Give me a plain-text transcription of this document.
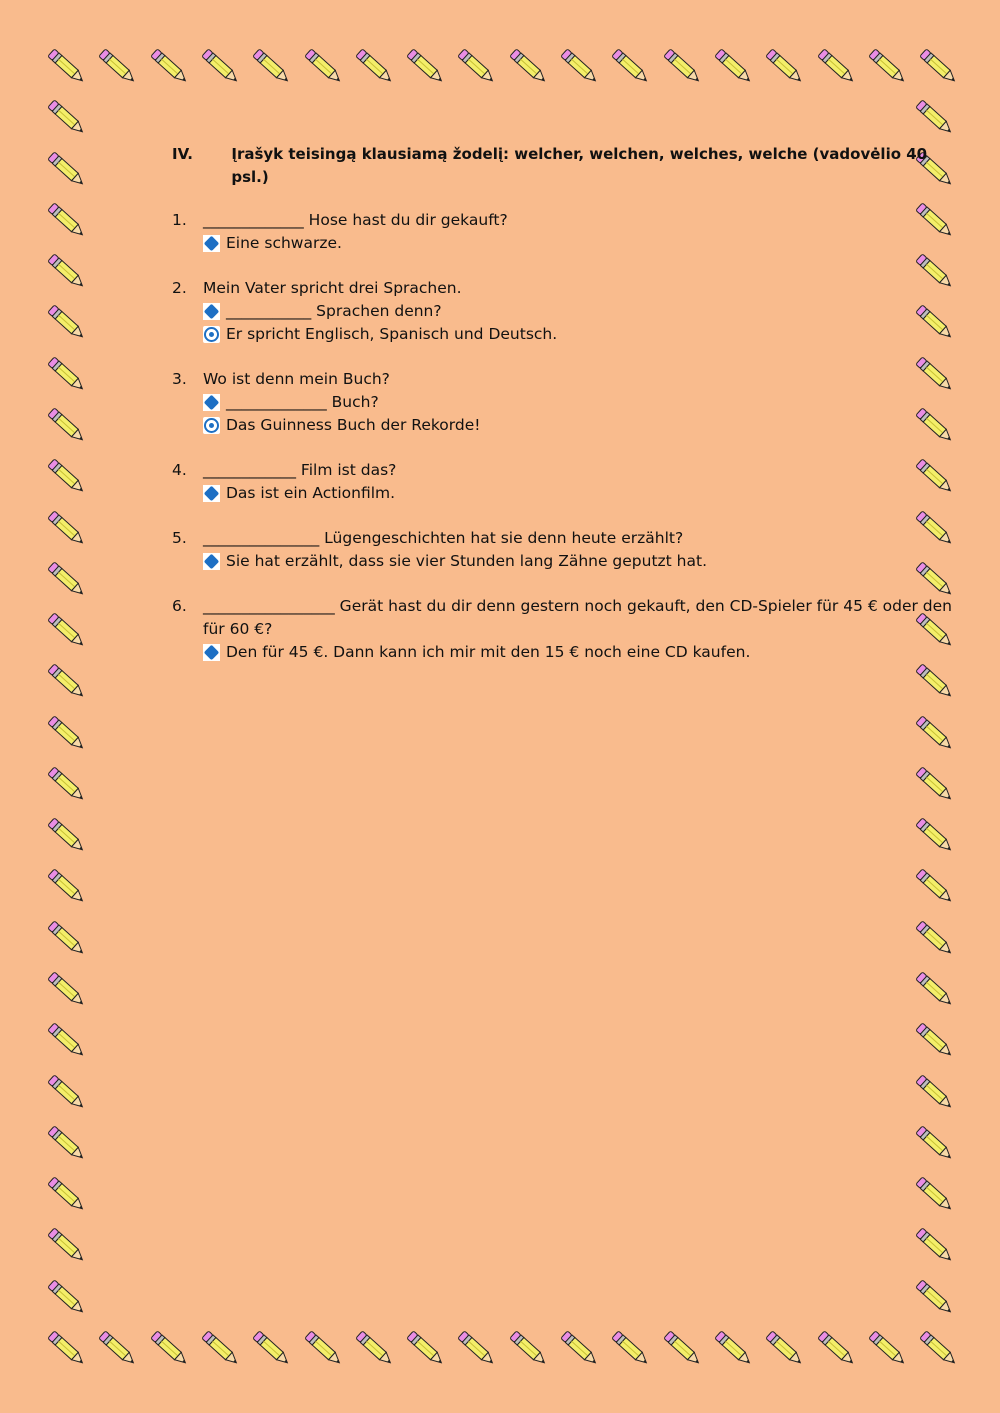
IV.	Įrašyk teisingą klausiamą žodelį: welcher, welchen, welches, welche (vadovėlio 40 psl.)
1.	_____________ Hose hast du dir gekauft?
Eine schwarze.
2.	Mein Vater spricht drei Sprachen.
___________ Sprachen denn?
Er spricht Englisch, Spanisch und Deutsch.
3.	Wo ist denn mein Buch?
_____________ Buch?
Das Guinness Buch der Rekorde!
4.	____________ Film ist das?
Das ist ein Actionfilm.
5.	_______________ Lügengeschichten hat sie denn heute erzählt?
Sie hat erzählt, dass sie vier Stunden lang Zähne geputzt hat.
6.	_________________ Gerät hast du dir denn gestern noch gekauft, den CD-Spieler für 45 € oder den für 60 €?
Den für 45 €. Dann kann ich mir mit den 15 € noch eine CD kaufen.
